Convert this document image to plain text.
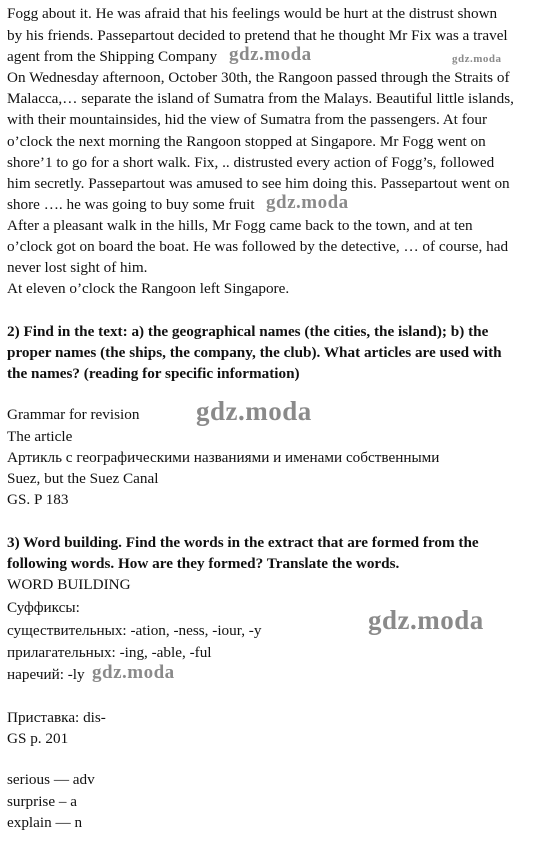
Fogg about it. He was afraid that his feelings would be hurt at the distrust shown
by his friends. Passepartout decided to pretend that he thought Mr Fix was a travel
agent from the Shipping Company
On Wednesday afternoon, October 30th, the Rangoon passed through the Straits of
Malacca,… separate the island of Sumatra from the Malays. Beautiful little islands,
with their mountainsides, hid the view of Sumatra from the passengers. At four
o’clock the next morning the Rangoon stopped at Singapore. Mr Fogg went on
shore’1 to go for a short walk. Fix, .. distrusted every action of Fogg’s, followed
him secretly. Passepartout was amused to see him doing this. Passepartout went on
shore …. he was going to buy some fruit
After a pleasant walk in the hills, Mr Fogg came back to the town, and at ten
o’clock got on board the boat. He was followed by the detective, … of course, had
never lost sight of him.
At eleven o’clock the Rangoon left Singapore.
2) Find in the text: a) the geographical names (the cities, the island); b) the
proper names (the ships, the company, the club). What articles are used with
the names? (reading for specific information)
Grammar for revision
The article
Артикль с географическими названиями и именами собственными
Suez, but the Suez Canal
GS. P 183
3) Word building. Find the words in the extract that are formed from the
following words. How are they formed? Translate the words.
WORD BUILDING
Суффиксы:
существительных: -ation, -ness, -iour, -y
прилагательных: -ing, -able, -ful
наречий: -ly
Приставка: dis-
GS p. 201
serious — adv
surprise – a
explain — n
gdz.moda	gdz.moda
gdz.moda
gdz.moda
gdz.moda
gdz.moda
